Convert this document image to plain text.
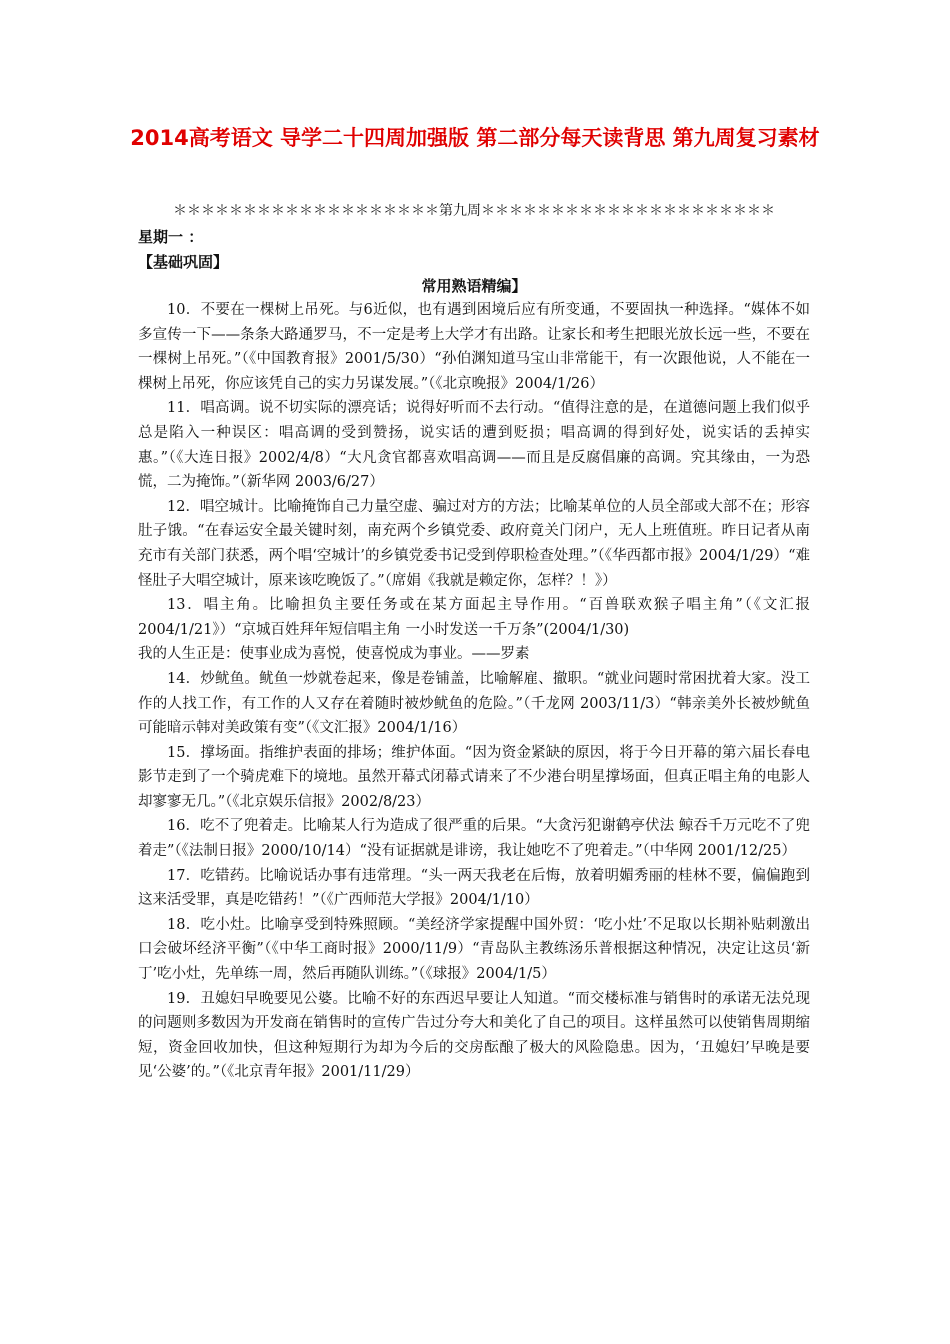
2014高考语文 导学二十四周加强版 第二部分每天读背思 第九周复习素材
＊＊＊＊＊＊＊＊＊＊＊＊＊＊＊＊＊＊＊第九周＊＊＊＊＊＊＊＊＊＊＊＊＊＊＊＊＊＊＊＊＊
星期一 ：
【基础巩固】
常用熟语精编】

10．不要在一棵树上吊死。与6近似，也有遇到困境后应有所变通，不要固执一种选择。“媒体不如多宣传一下——条条大路通罗马，不一定是考上大学才有出路。让家长和考生把眼光放长远一些，不要在一棵树上吊死。”（《中国教育报》2001/5/30）“孙伯渊知道马宝山非常能干，有一次跟他说，人不能在一棵树上吊死，你应该凭自己的实力另谋发展。”（《北京晚报》2004/1/26）

11．唱高调。说不切实际的漂亮话；说得好听而不去行动。“值得注意的是，在道德问题上我们似乎总是陷入一种误区：唱高调的受到赞扬，说实话的遭到贬损；唱高调的得到好处，说实话的丢掉实惠。”（《大连日报》2002/4/8）“大凡贪官都喜欢唱高调——而且是反腐倡廉的高调。究其缘由，一为恐慌，二为掩饰。”（新华网 2003/6/27）

12．唱空城计。比喻掩饰自己力量空虚、骗过对方的方法；比喻某单位的人员全部或大部不在；形容肚子饿。“在春运安全最关键时刻，南充两个乡镇党委、政府竟关门闭户，无人上班值班。昨日记者从南充市有关部门获悉，两个唱‘空城计’的乡镇党委书记受到停职检查处理。”（《华西都市报》2004/1/29）“难怪肚子大唱空城计，原来该吃晚饭了。”（席娟《我就是赖定你，怎样？！》）

13．唱主角。比喻担负主要任务或在某方面起主导作用。“百兽联欢猴子唱主角”（《文汇报 2004/1/21》）“京城百姓拜年短信唱主角 一小时发送一千万条”(2004/1/30)

我的人生正是：使事业成为喜悦，使喜悦成为事业。——罗素

14．炒鱿鱼。鱿鱼一炒就卷起来，像是卷铺盖，比喻解雇、撤职。“就业问题时常困扰着大家。没工作的人找工作，有工作的人又存在着随时被炒鱿鱼的危险。”（千龙网 2003/11/3）“韩亲美外长被炒鱿鱼 可能暗示韩对美政策有变”（《文汇报》2004/1/16）

15．撑场面。指维护表面的排场；维护体面。“因为资金紧缺的原因，将于今日开幕的第六届长春电影节走到了一个骑虎难下的境地。虽然开幕式闭幕式请来了不少港台明星撑场面，但真正唱主角的电影人却寥寥无几。”（《北京娱乐信报》2002/8/23）

16．吃不了兜着走。比喻某人行为造成了很严重的后果。“大贪污犯谢鹤亭伏法 鲸吞千万元吃不了兜着走”（《法制日报》2000/10/14）“没有证据就是诽谤，我让她吃不了兜着走。”（中华网 2001/12/25）

17．吃错药。比喻说话办事有违常理。“头一两天我老在后悔，放着明媚秀丽的桂林不要，偏偏跑到这来活受罪，真是吃错药！”（《广西师范大学报》2004/1/10）

18．吃小灶。比喻享受到特殊照顾。“美经济学家提醒中国外贸：‘吃小灶’不足取以长期补贴刺激出口会破坏经济平衡”（《中华工商时报》2000/11/9）“青岛队主教练汤乐普根据这种情况，决定让这员‘新丁’吃小灶，先单练一周，然后再随队训练。”（《球报》2004/1/5）

19．丑媳妇早晚要见公婆。比喻不好的东西迟早要让人知道。“而交楼标准与销售时的承诺无法兑现的问题则多数因为开发商在销售时的宣传广告过分夸大和美化了自己的项目。这样虽然可以使销售周期缩短，资金回收加快，但这种短期行为却为今后的交房酝酿了极大的风险隐患。因为，‘丑媳妇’早晚是要见‘公婆’的。”（《北京青年报》2001/11/29）
